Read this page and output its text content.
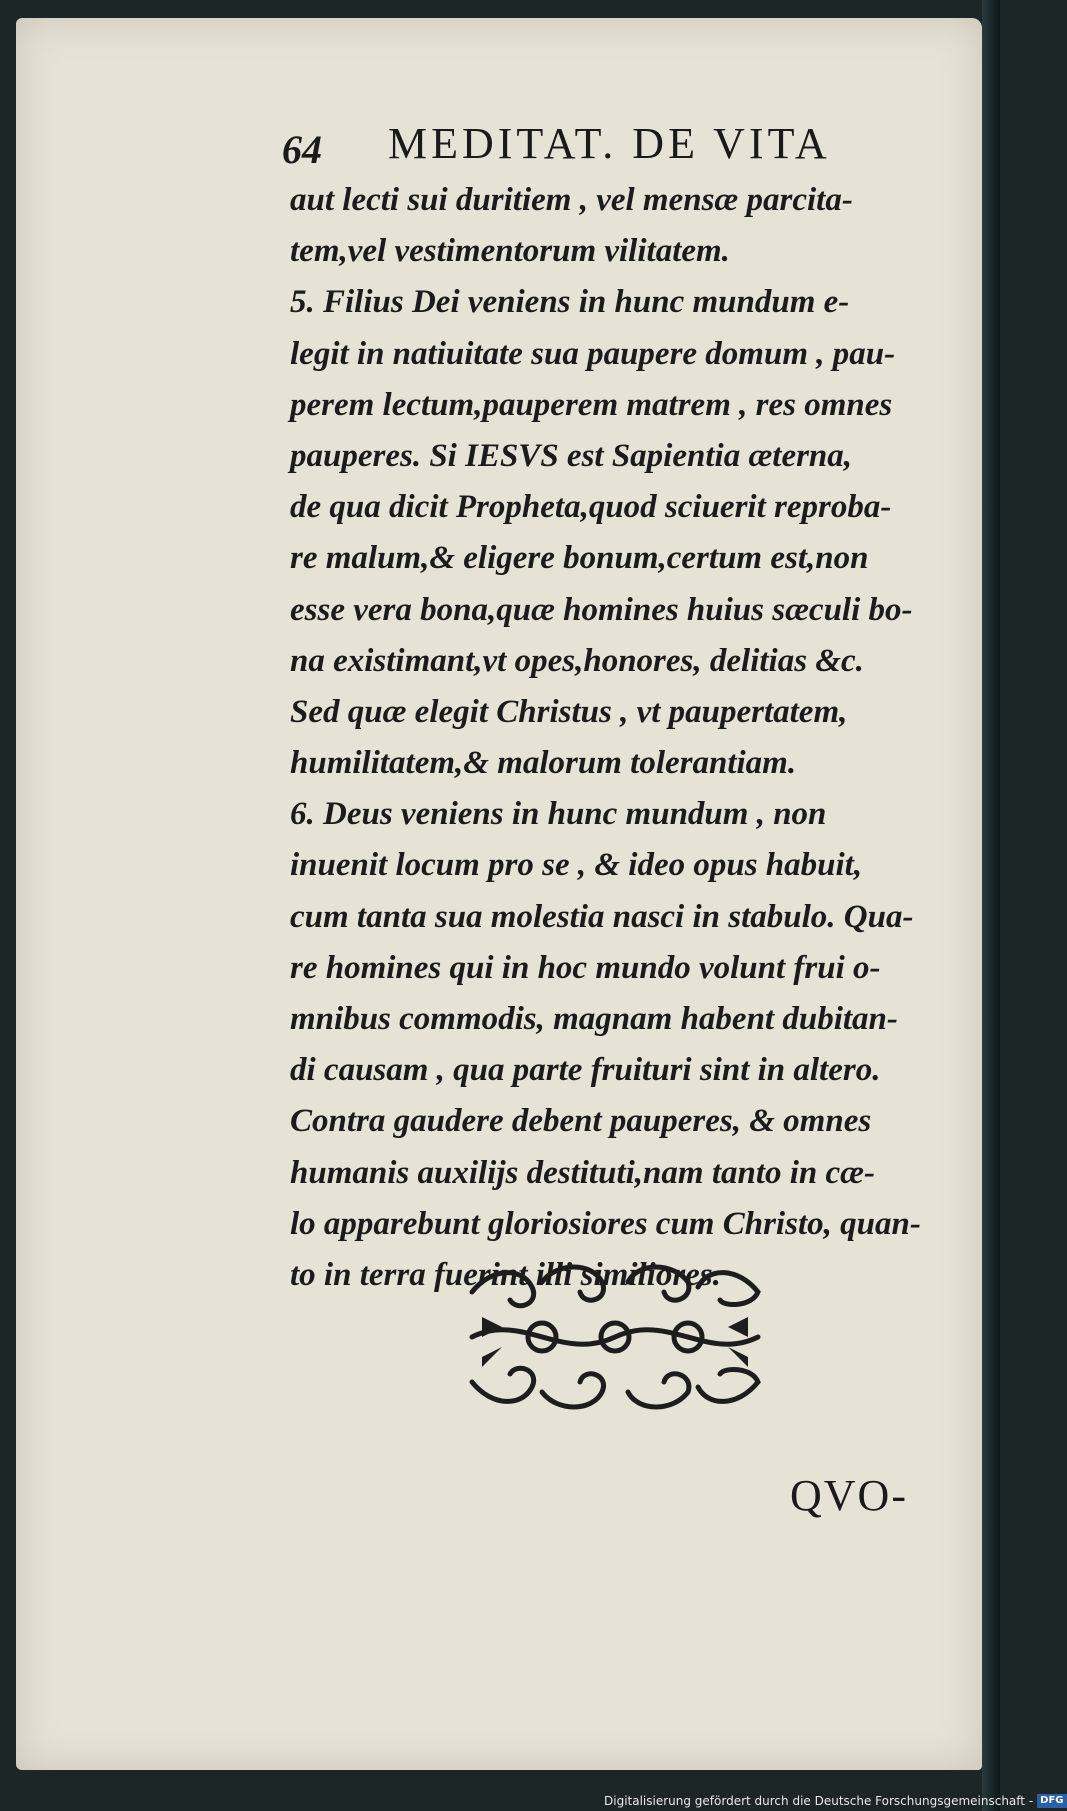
64 MEDITAT. DE VITA
aut lecti sui duritiem , vel mensæ parcita-
tem,vel vestimentorum vilitatem.
5. Filius Dei veniens in hunc mundum e-
legit in natiuitate sua paupere domum , pau-
perem lectum,pauperem matrem , res omnes
pauperes. Si IESVS est Sapientia æterna,
de qua dicit Propheta,quod sciuerit reproba-
re malum,& eligere bonum,certum est,non
esse vera bona,quæ homines huius sæculi bo-
na existimant,vt opes,honores, delitias &c.
Sed quæ elegit Christus , vt paupertatem,
humilitatem,& malorum tolerantiam.
6. Deus veniens in hunc mundum , non
inuenit locum pro se , & ideo opus habuit,
cum tanta sua molestia nasci in stabulo. Qua-
re homines qui in hoc mundo volunt frui o-
mnibus commodis, magnam habent dubitan-
di causam , qua parte fruituri sint in altero.
Contra gaudere debent pauperes, & omnes
humanis auxilijs destituti,nam tanto in cæ-
lo apparebunt gloriosiores cum Christo, quan-
to in terra fuerint illi similiores.
QVO-
Digitalisierung gefördert durch die Deutsche Forschungsgemeinschaft - DFG
